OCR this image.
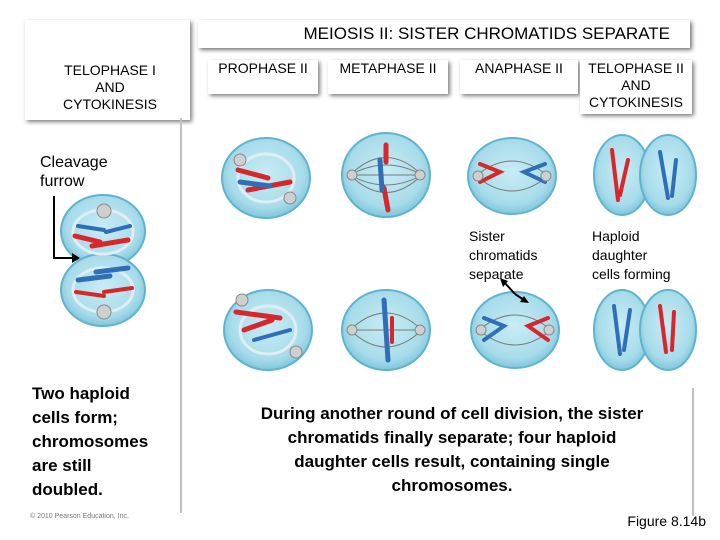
MEIOSIS II: SISTER CHROMATIDS SEPARATE
TELOPHASE I
AND
CYTOKINESIS
PROPHASE II	METAPHASE II	ANAPHASE II	TELOPHASE II
AND
CYTOKINESIS
Cleavage
furrow
Sister
chromatids
separate
Haploid
daughter
cells forming
Two haploid
cells form;
chromosomes
are still
doubled.
During another round of cell division, the sister
chromatids finally separate; four haploid
daughter cells result, containing single
chromosomes.
© 2010 Pearson Education, Inc.	Figure 8.14b
